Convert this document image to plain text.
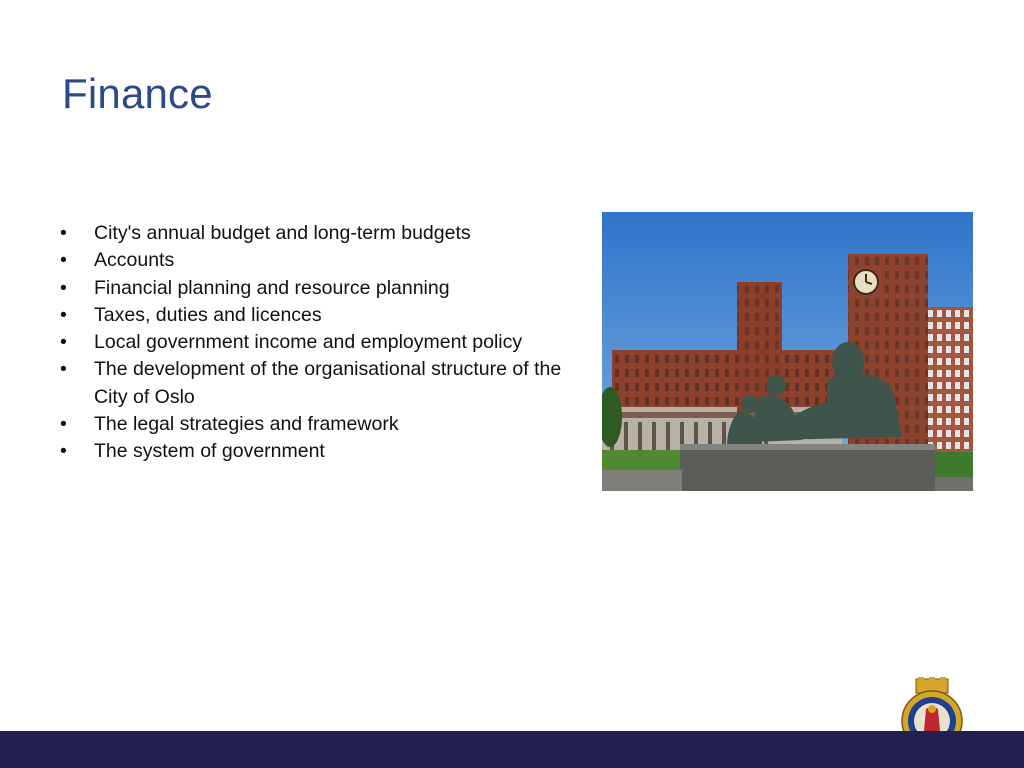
Finance
• City's annual budget and long-term budgets
• Accounts
• Financial planning and resource planning
• Taxes, duties and licences
• Local government income and employment policy
• The development of the organisational structure of the City of Oslo
• The legal strategies and framework
• The system of government
